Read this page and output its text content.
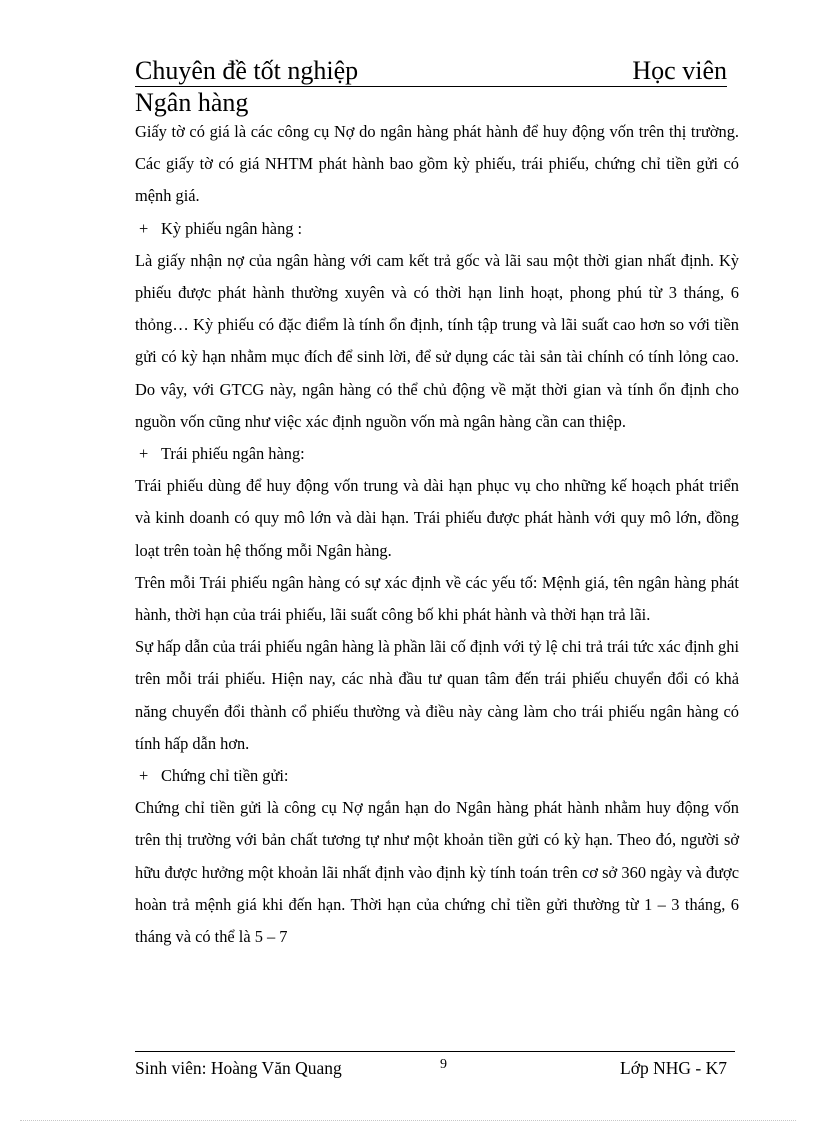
Chuyên đề tốt nghiệp	Học viên
Ngân hàng

Giấy tờ có giá là các công cụ Nợ do ngân hàng phát hành để huy động vốn trên thị trường. Các giấy tờ có giá NHTM phát hành bao gồm kỳ phiếu, trái phiếu, chứng chỉ tiền gửi có mệnh giá.

+ Kỳ phiếu ngân hàng :

Là giấy nhận nợ của ngân hàng với cam kết trả gốc và lãi sau một thời gian nhất định. Kỳ phiếu được phát hành thường xuyên và có thời hạn linh hoạt, phong phú từ 3 tháng, 6 thỏng… Kỳ phiếu có đặc điểm là tính ổn định, tính tập trung và lãi suất cao hơn so với tiền gửi có kỳ hạn nhằm mục đích để sinh lời, để sử dụng các tài sản tài chính có tính lỏng cao. Do vây, với GTCG này, ngân hàng có thể chủ động về mặt thời gian và tính ổn định cho nguồn vốn cũng như việc xác định nguồn vốn mà ngân hàng cần can thiệp.

+ Trái phiếu ngân hàng:

Trái phiếu dùng để huy động vốn trung và dài hạn phục vụ cho những kế hoạch phát triển và kinh doanh có quy mô lớn và dài hạn. Trái phiếu được phát hành với quy mô lớn, đồng loạt trên toàn hệ thống mỗi Ngân hàng.

Trên mỗi Trái phiếu ngân hàng có sự xác định về các yếu tố: Mệnh giá, tên ngân hàng phát hành, thời hạn của trái phiếu, lãi suất công bố khi phát hành và thời hạn trả lãi.

Sự hấp dẫn của trái phiếu ngân hàng là phần lãi cố định với tỷ lệ chi trả trái tức xác định ghi trên mỗi trái phiếu. Hiện nay, các nhà đầu tư quan tâm đến trái phiếu chuyển đổi có khả năng chuyển đổi thành cổ phiếu thường và điều này càng làm cho trái phiếu ngân hàng có tính hấp dẫn hơn.

+ Chứng chỉ tiền gửi:

Chứng chỉ tiền gửi là công cụ Nợ ngắn hạn do Ngân hàng phát hành nhằm huy động vốn trên thị trường với bản chất tương tự như một khoản tiền gửi có kỳ hạn. Theo đó, người sở hữu được hưởng một khoản lãi nhất định vào định kỳ tính toán trên cơ sở 360 ngày và được hoàn trả mệnh giá khi đến hạn. Thời hạn của chứng chỉ tiền gửi thường từ 1 – 3 tháng, 6 tháng và có thể là 5 – 7

Sinh viên: Hoàng Văn Quang	9	Lớp NHG - K7
